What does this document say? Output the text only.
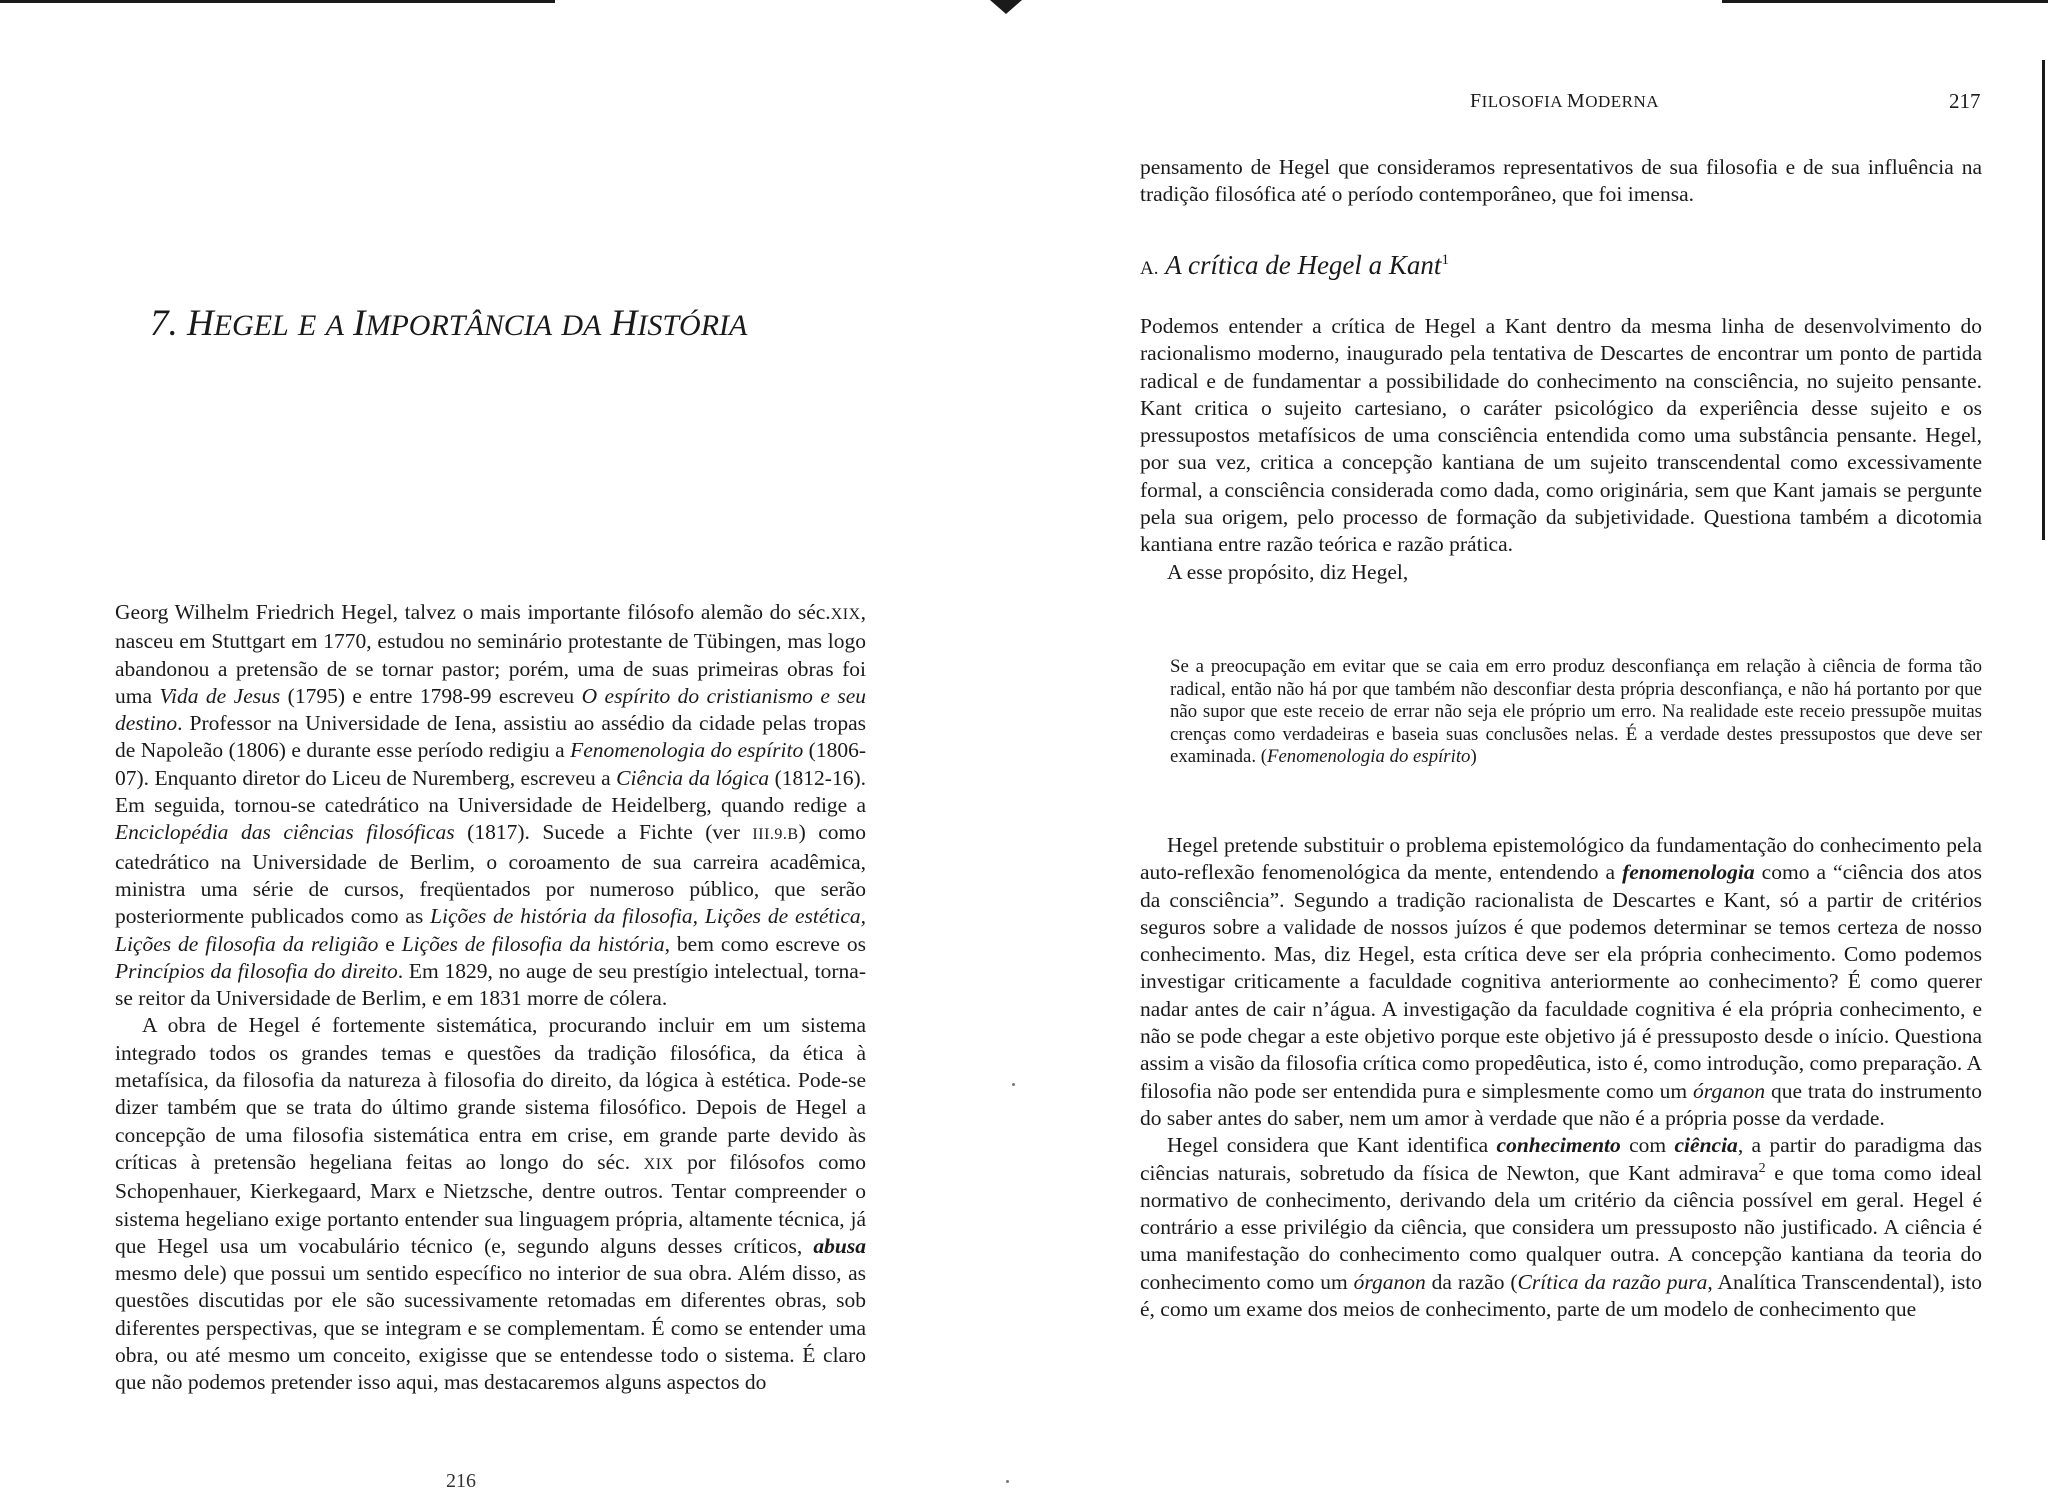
7. HEGEL E A IMPORTÂNCIA DA HISTÓRIA

Georg Wilhelm Friedrich Hegel, talvez o mais importante filósofo alemão do séc.XIX, nasceu em Stuttgart em 1770, estudou no seminário protestante de Tübingen, mas logo abandonou a pretensão de se tornar pastor; porém, uma de suas primeiras obras foi uma Vida de Jesus (1795) e entre 1798-99 escreveu O espírito do cristianismo e seu destino. Professor na Universidade de Iena, assistiu ao assédio da cidade pelas tropas de Napoleão (1806) e durante esse período redigiu a Fenomenologia do espírito (1806-07). Enquanto diretor do Liceu de Nuremberg, escreveu a Ciência da lógica (1812-16). Em seguida, tornou-se catedrático na Universidade de Heidelberg, quando redige a Enciclopédia das ciências filosóficas (1817). Sucede a Fichte (ver III.9.B) como catedrático na Universidade de Berlim, o coroamento de sua carreira acadêmica, ministra uma série de cursos, freqüentados por numeroso público, que serão posteriormente publicados como as Lições de história da filosofia, Lições de estética, Lições de filosofia da religião e Lições de filosofia da história, bem como escreve os Princípios da filosofia do direito. Em 1829, no auge de seu prestígio intelectual, torna-se reitor da Universidade de Berlim, e em 1831 morre de cólera.

A obra de Hegel é fortemente sistemática, procurando incluir em um sistema integrado todos os grandes temas e questões da tradição filosófica, da ética à metafísica, da filosofia da natureza à filosofia do direito, da lógica à estética. Pode-se dizer também que se trata do último grande sistema filosófico. Depois de Hegel a concepção de uma filosofia sistemática entra em crise, em grande parte devido às críticas à pretensão hegeliana feitas ao longo do séc. XIX por filósofos como Schopenhauer, Kierkegaard, Marx e Nietzsche, dentre outros. Tentar compreender o sistema hegeliano exige portanto entender sua linguagem própria, altamente técnica, já que Hegel usa um vocabulário técnico (e, segundo alguns desses críticos, abusa mesmo dele) que possui um sentido específico no interior de sua obra. Além disso, as questões discutidas por ele são sucessivamente retomadas em diferentes obras, sob diferentes perspectivas, que se integram e se complementam. É como se entender uma obra, ou até mesmo um conceito, exigisse que se entendesse todo o sistema. É claro que não podemos pretender isso aqui, mas destacaremos alguns aspectos do

216
FILOSOFIA MODERNA	217

pensamento de Hegel que consideramos representativos de sua filosofia e de sua influência na tradição filosófica até o período contemporâneo, que foi imensa.

A. A crítica de Hegel a Kant$^1$

Podemos entender a crítica de Hegel a Kant dentro da mesma linha de desenvolvimento do racionalismo moderno, inaugurado pela tentativa de Descartes de encontrar um ponto de partida radical e de fundamentar a possibilidade do conhecimento na consciência, no sujeito pensante. Kant critica o sujeito cartesiano, o caráter psicológico da experiência desse sujeito e os pressupostos metafísicos de uma consciência entendida como uma substância pensante. Hegel, por sua vez, critica a concepção kantiana de um sujeito transcendental como excessivamente formal, a consciência considerada como dada, como originária, sem que Kant jamais se pergunte pela sua origem, pelo processo de formação da subjetividade. Questiona também a dicotomia kantiana entre razão teórica e razão prática.

A esse propósito, diz Hegel,

Se a preocupação em evitar que se caia em erro produz desconfiança em relação à ciência de forma tão radical, então não há por que também não desconfiar desta própria desconfiança, e não há portanto por que não supor que este receio de errar não seja ele próprio um erro. Na realidade este receio pressupõe muitas crenças como verdadeiras e baseia suas conclusões nelas. É a verdade destes pressupostos que deve ser examinada. (Fenomenologia do espírito)

Hegel pretende substituir o problema epistemológico da fundamentação do conhecimento pela auto-reflexão fenomenológica da mente, entendendo a fenomenologia como a “ciência dos atos da consciência”. Segundo a tradição racionalista de Descartes e Kant, só a partir de critérios seguros sobre a validade de nossos juízos é que podemos determinar se temos certeza de nosso conhecimento. Mas, diz Hegel, esta crítica deve ser ela própria conhecimento. Como podemos investigar criticamente a faculdade cognitiva anteriormente ao conhecimento? É como querer nadar antes de cair n’água. A investigação da faculdade cognitiva é ela própria conhecimento, e não se pode chegar a este objetivo porque este objetivo já é pressuposto desde o início. Questiona assim a visão da filosofia crítica como propedêutica, isto é, como introdução, como preparação. A filosofia não pode ser entendida pura e simplesmente como um órganon que trata do instrumento do saber antes do saber, nem um amor à verdade que não é a própria posse da verdade.

Hegel considera que Kant identifica conhecimento com ciência, a partir do paradigma das ciências naturais, sobretudo da física de Newton, que Kant admirava$^2$ e que toma como ideal normativo de conhecimento, derivando dela um critério da ciência possível em geral. Hegel é contrário a esse privilégio da ciência, que considera um pressuposto não justificado. A ciência é uma manifestação do conhecimento como qualquer outra. A concepção kantiana da teoria do conhecimento como um órganon da razão (Crítica da razão pura, Analítica Transcendental), isto é, como um exame dos meios de conhecimento, parte de um modelo de conhecimento que
